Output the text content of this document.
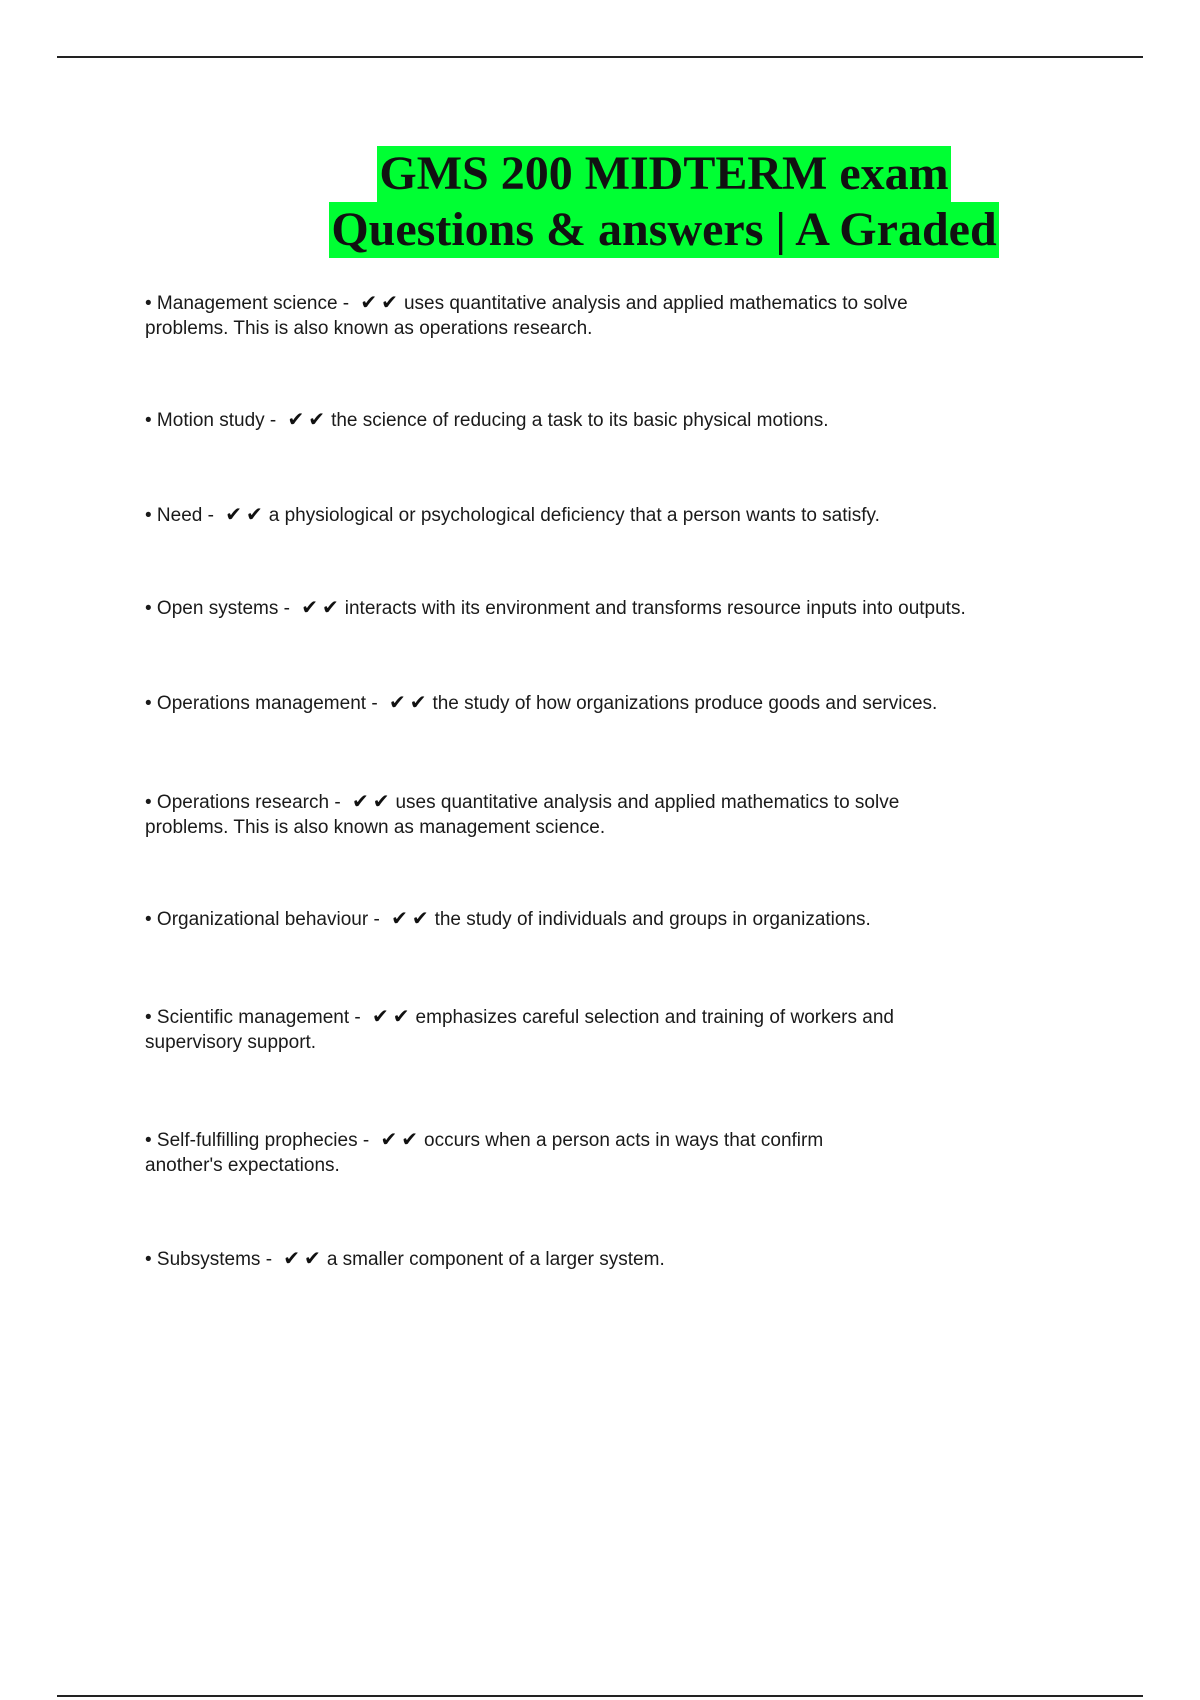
GMS 200 MIDTERM exam
Questions & answers | A Graded
• Management science - ✔✔ uses quantitative analysis and applied mathematics to solve
problems. This is also known as operations research.
• Motion study - ✔✔ the science of reducing a task to its basic physical motions.
• Need - ✔✔ a physiological or psychological deficiency that a person wants to satisfy.
• Open systems - ✔✔ interacts with its environment and transforms resource inputs into outputs.
• Operations management - ✔✔ the study of how organizations produce goods and services.
• Operations research - ✔✔ uses quantitative analysis and applied mathematics to solve
problems. This is also known as management science.
• Organizational behaviour - ✔✔ the study of individuals and groups in organizations.
• Scientific management - ✔✔ emphasizes careful selection and training of workers and
supervisory support.
• Self-fulfilling prophecies - ✔✔ occurs when a person acts in ways that confirm
another's expectations.
• Subsystems - ✔✔ a smaller component of a larger system.
